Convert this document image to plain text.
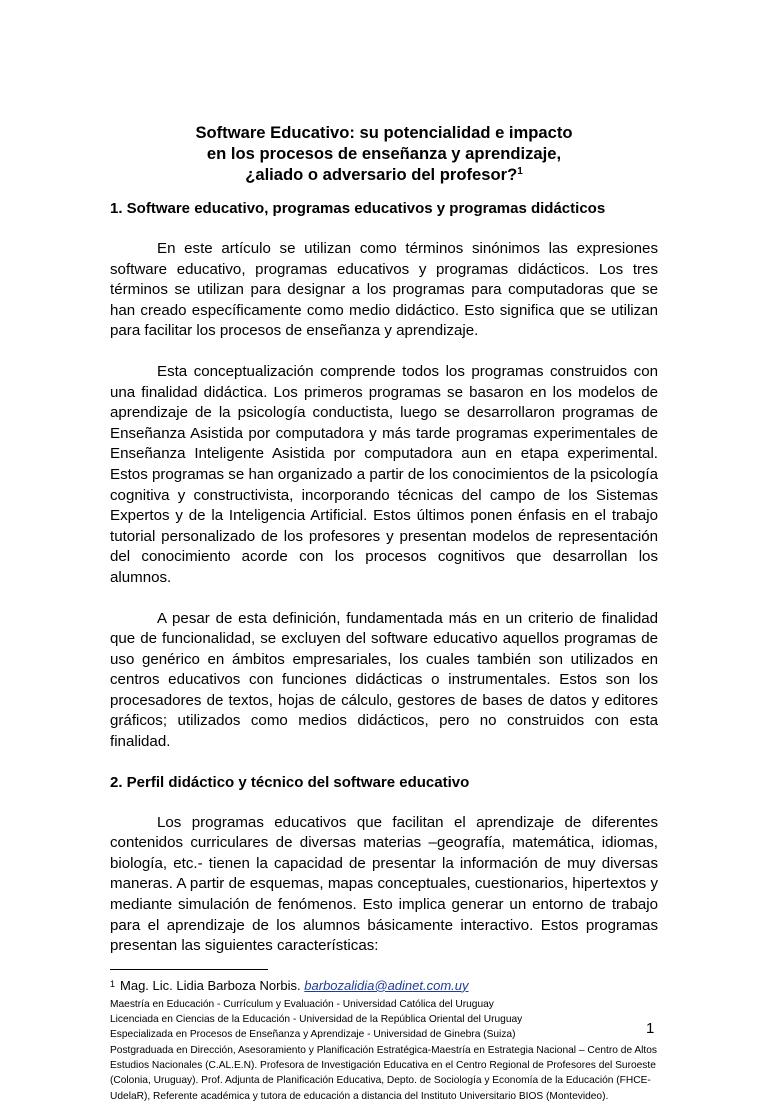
Software Educativo: su potencialidad e impacto
en los procesos de enseñanza y aprendizaje,
¿aliado o adversario del profesor?$^1$
1. Software educativo, programas educativos y programas didácticos

En este artículo se utilizan como términos sinónimos las expresiones software educativo, programas educativos y programas didácticos. Los tres términos se utilizan para designar a los programas para computadoras que se han creado específicamente como medio didáctico. Esto significa que se utilizan para facilitar los procesos de enseñanza y aprendizaje.

Esta conceptualización comprende todos los programas construidos con una finalidad didáctica. Los primeros programas se basaron en los modelos de aprendizaje de la psicología conductista, luego se desarrollaron programas de Enseñanza Asistida por computadora y más tarde programas experimentales de Enseñanza Inteligente Asistida por computadora aun en etapa experimental. Estos programas se han organizado a partir de los conocimientos de la psicología cognitiva y constructivista, incorporando técnicas del campo de los Sistemas Expertos y de la Inteligencia Artificial. Estos últimos ponen énfasis en el trabajo tutorial personalizado de los profesores y presentan modelos de representación del conocimiento acorde con los procesos cognitivos que desarrollan los alumnos.

A pesar de esta definición, fundamentada más en un criterio de finalidad que de funcionalidad, se excluyen del software educativo aquellos programas de uso genérico en ámbitos empresariales, los cuales también son utilizados en centros educativos con funciones didácticas o instrumentales. Estos son los procesadores de textos, hojas de cálculo, gestores de bases de datos y editores gráficos; utilizados como medios didácticos, pero no construidos con esta finalidad.

2. Perfil didáctico y técnico del software educativo

Los programas educativos que facilitan el aprendizaje de diferentes contenidos curriculares de diversas materias –geografía, matemática, idiomas, biología, etc.- tienen la capacidad de presentar la información de muy diversas maneras. A partir de esquemas, mapas conceptuales, cuestionarios, hipertextos y mediante simulación de fenómenos. Esto implica generar un entorno de trabajo para el aprendizaje de los alumnos básicamente interactivo. Estos programas presentan las siguientes características:

$^1$ Mag. Lic. Lidia Barboza Norbis. barbozalidia@adinet.com.uy
Maestría en Educación - Currículum y Evaluación - Universidad Católica del Uruguay
Licenciada en Ciencias de la Educación - Universidad de la República Oriental del Uruguay
Especializada en Procesos de Enseñanza y Aprendizaje - Universidad de Ginebra (Suiza)
Postgraduada en Dirección, Asesoramiento y Planificación Estratégica-Maestría en Estrategia Nacional – Centro de Altos Estudios Nacionales (C.AL.E.N). Profesora de Investigación Educativa en el Centro Regional de Profesores del Suroeste (Colonia, Uruguay). Prof. Adjunta de Planificación Educativa, Depto. de Sociología y Economía de la Educación (FHCE-UdelaR), Referente académica y tutora de educación a distancia del Instituto Universitario BIOS (Montevideo).
1
